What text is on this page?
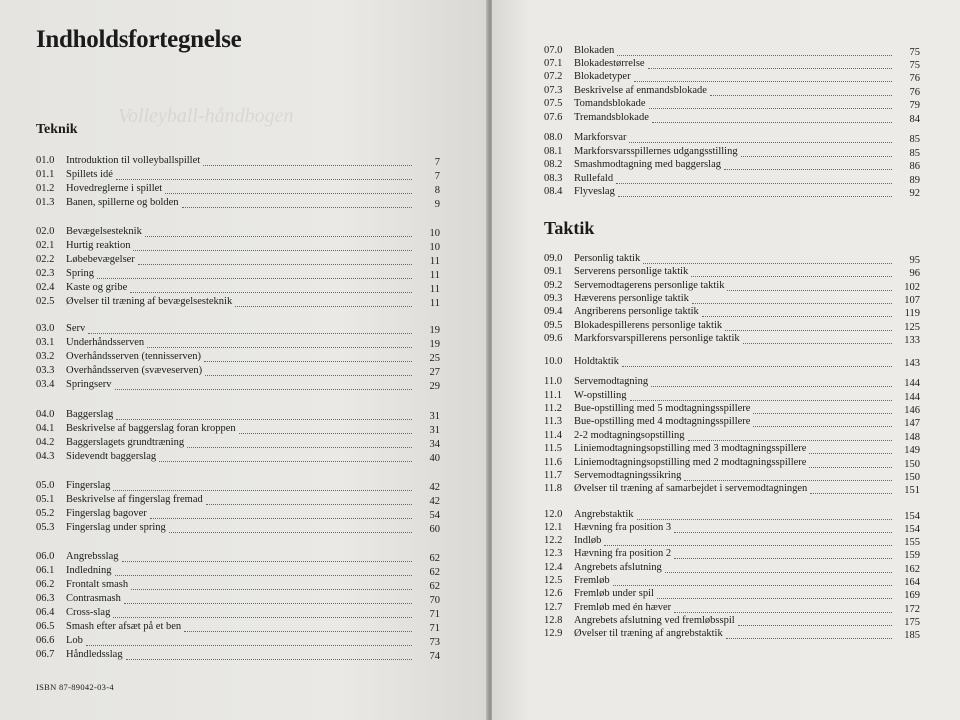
Indholdsfortegnelse
Volleyball-håndbogen
Teknik
01.0	Introduktion til volleyballspillet	7
01.1	Spillets idé	7
01.2	Hovedreglerne i spillet	8
01.3	Banen, spillerne og bolden	9
02.0	Bevægelsesteknik	10
02.1	Hurtig reaktion	10
02.2	Løbebevægelser	11
02.3	Spring	11
02.4	Kaste og gribe	11
02.5	Øvelser til træning af bevægelsesteknik	11
03.0	Serv	19
03.1	Underhåndsserven	19
03.2	Overhåndsserven (tennisserven)	25
03.3	Overhåndsserven (svæveserven)	27
03.4	Springserv	29
04.0	Baggerslag	31
04.1	Beskrivelse af baggerslag foran kroppen	31
04.2	Baggerslagets grundtræning	34
04.3	Sidevendt baggerslag	40
05.0	Fingerslag	42
05.1	Beskrivelse af fingerslag fremad	42
05.2	Fingerslag bagover	54
05.3	Fingerslag under spring	60
06.0	Angrebsslag	62
06.1	Indledning	62
06.2	Frontalt smash	62
06.3	Contrasmash	70
06.4	Cross-slag	71
06.5	Smash efter afsæt på et ben	71
06.6	Lob	73
06.7	Håndledsslag	74
ISBN 87-89042-03-4
07.0	Blokaden	75
07.1	Blokadestørrelse	75
07.2	Blokadetyper	76
07.3	Beskrivelse af enmandsblokade	76
07.5	Tomandsblokade	79
07.6	Tremandsblokade	84
08.0	Markforsvar	85
08.1	Markforsvarsspillernes udgangsstilling	85
08.2	Smashmodtagning med baggerslag	86
08.3	Rullefald	89
08.4	Flyveslag	92
09.0	Personlig taktik	95
09.1	Serverens personlige taktik	96
09.2	Servemodtagerens personlige taktik	102
09.3	Hæverens personlige taktik	107
09.4	Angriberens personlige taktik	119
09.5	Blokadespillerens personlige taktik	125
09.6	Markforsvarspillerens personlige taktik	133
10.0	Holdtaktik	143
11.0	Servemodtagning	144
11.1	W-opstilling	144
11.2	Bue-opstilling med 5 modtagningsspillere	146
11.3	Bue-opstilling med 4 modtagningsspillere	147
11.4	2-2 modtagningsopstilling	148
11.5	Liniemodtagningsopstilling med 3 modtagningsspillere	149
11.6	Liniemodtagningsopstilling med 2 modtagningsspillere	150
11.7	Servemodtagningssikring	150
11.8	Øvelser til træning af samarbejdet i servemodtagningen	151
12.0	Angrebstaktik	154
12.1	Hævning fra position 3	154
12.2	Indløb	155
12.3	Hævning fra position 2	159
12.4	Angrebets afslutning	162
12.5	Fremløb	164
12.6	Fremløb under spil	169
12.7	Fremløb med én hæver	172
12.8	Angrebets afslutning ved fremløbsspil	175
12.9	Øvelser til træning af angrebstaktik	185
Taktik
